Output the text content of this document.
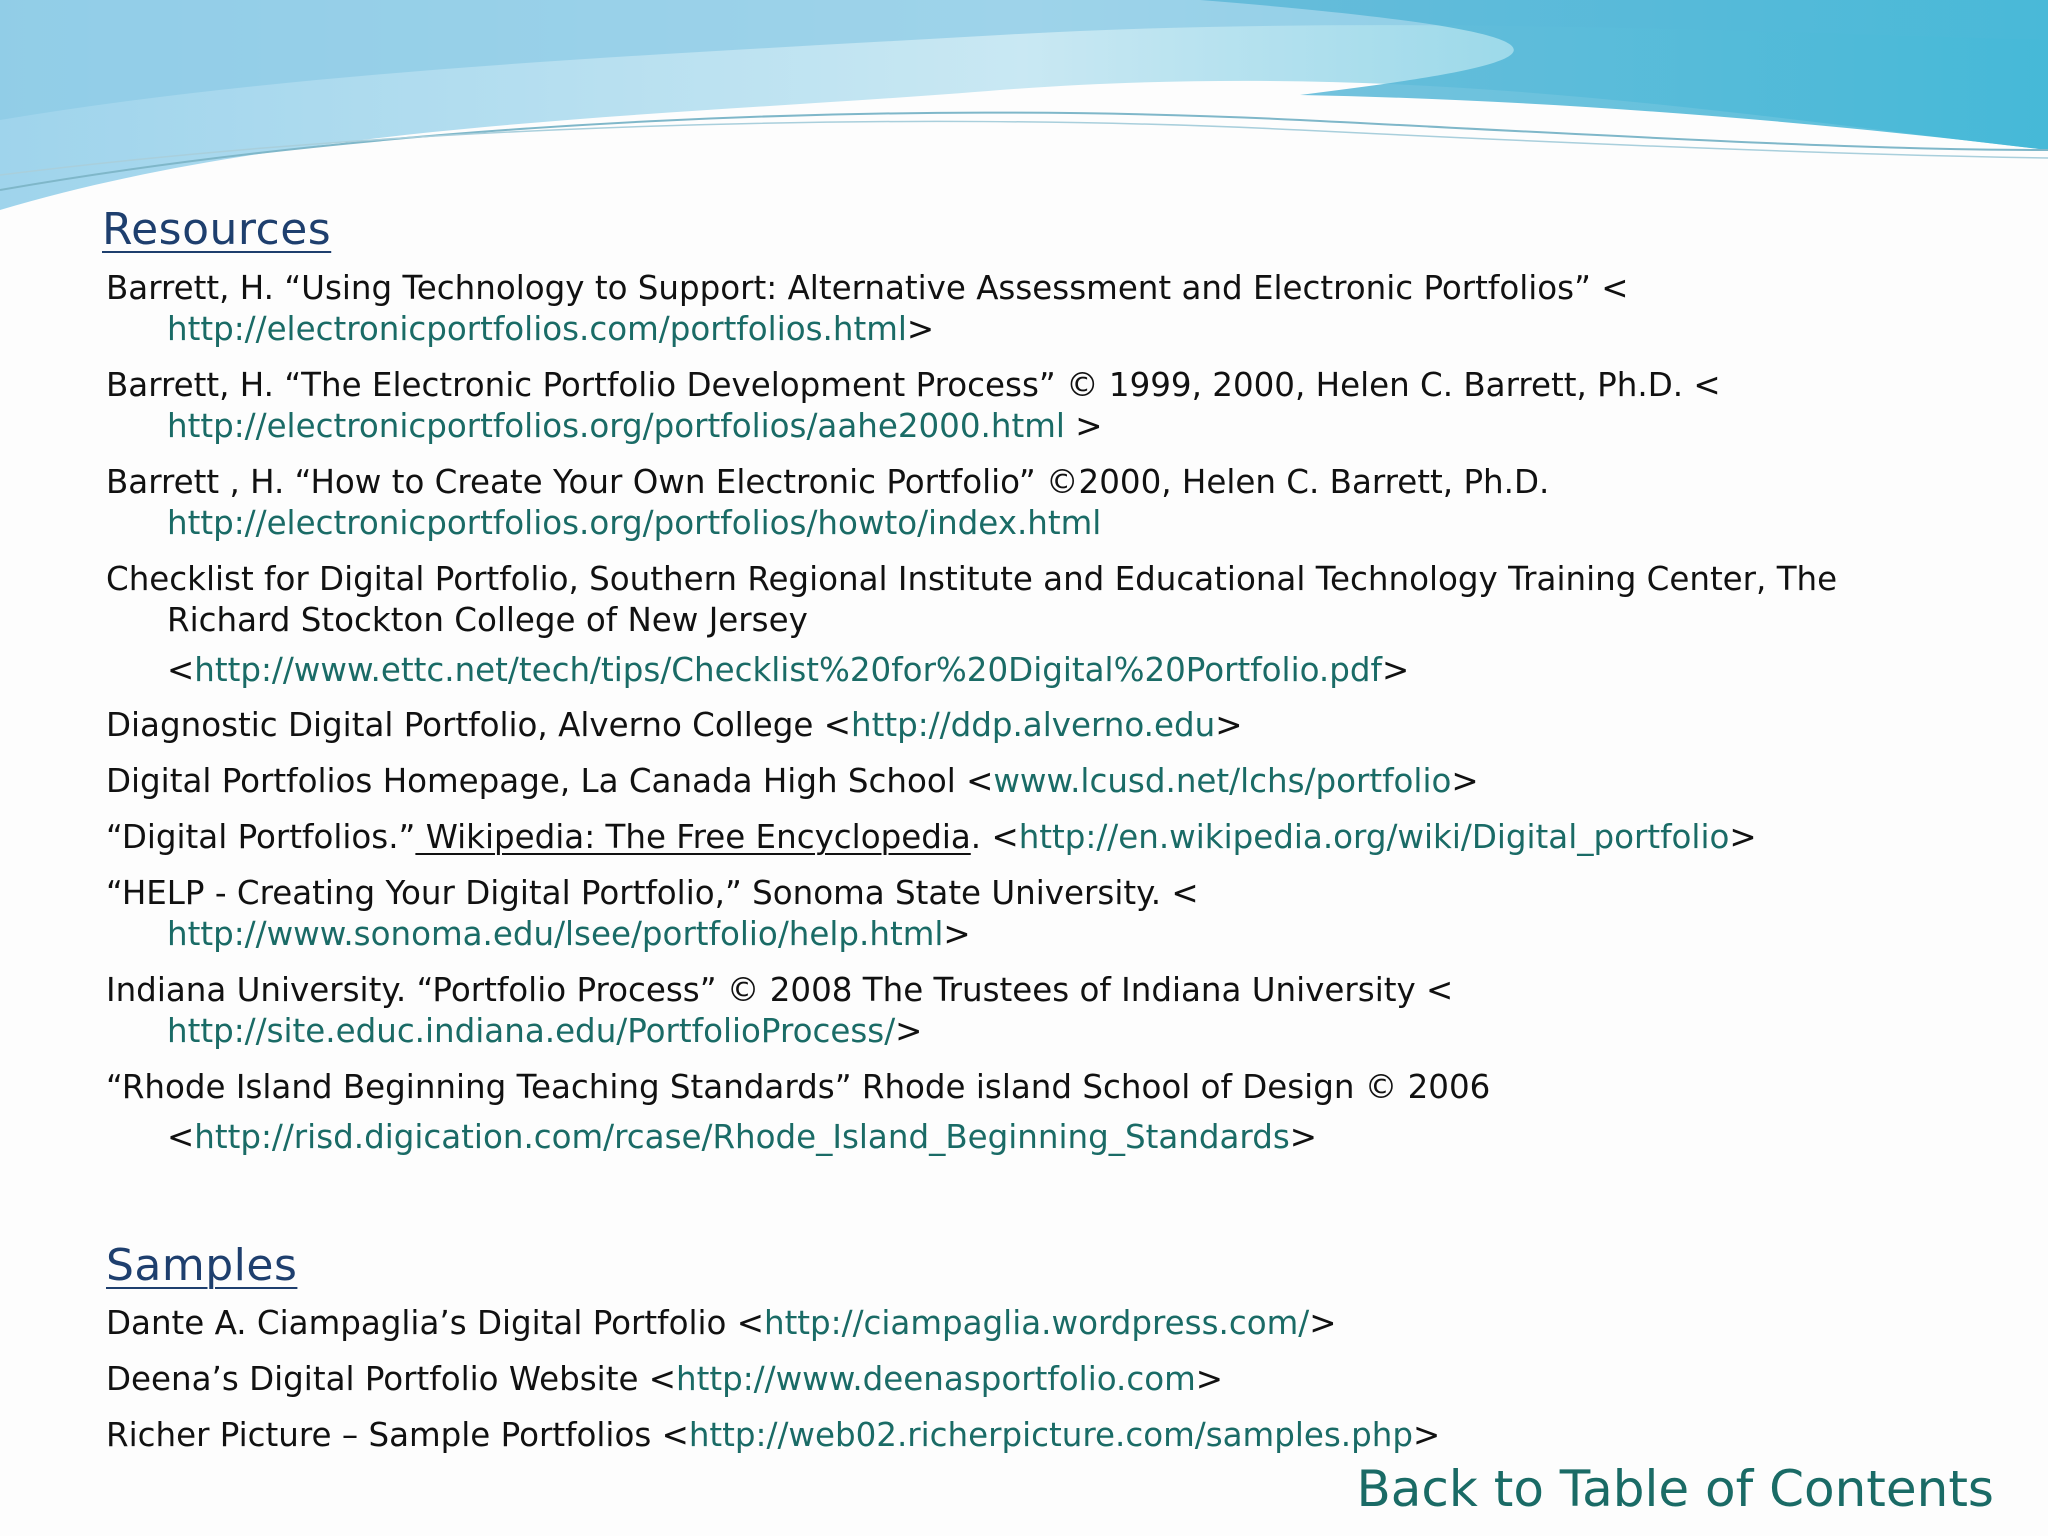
Resources
Barrett, H. “Using Technology to Support: Alternative Assessment and Electronic Portfolios” <
http://electronicportfolios.com/portfolios.html>
Barrett, H. “The Electronic Portfolio Development Process” © 1999, 2000, Helen C. Barrett, Ph.D. <
http://electronicportfolios.org/portfolios/aahe2000.html >
Barrett , H. “How to Create Your Own Electronic Portfolio” ©2000, Helen C. Barrett, Ph.D.
http://electronicportfolios.org/portfolios/howto/index.html
Checklist for Digital Portfolio, Southern Regional Institute and Educational Technology Training Center, The
Richard Stockton College of New Jersey
<http://www.ettc.net/tech/tips/Checklist%20for%20Digital%20Portfolio.pdf>
Diagnostic Digital Portfolio, Alverno College <http://ddp.alverno.edu>
Digital Portfolios Homepage, La Canada High School <www.lcusd.net/lchs/portfolio>
“Digital Portfolios.” Wikipedia: The Free Encyclopedia. <http://en.wikipedia.org/wiki/Digital_portfolio>
“HELP - Creating Your Digital Portfolio,” Sonoma State University. <
http://www.sonoma.edu/lsee/portfolio/help.html>
Indiana University. “Portfolio Process” © 2008 The Trustees of Indiana University <
http://site.educ.indiana.edu/PortfolioProcess/>
“Rhode Island Beginning Teaching Standards” Rhode island School of Design © 2006
<http://risd.digication.com/rcase/Rhode_Island_Beginning_Standards>
Samples
Dante A. Ciampaglia’s Digital Portfolio <http://ciampaglia.wordpress.com/>
Deena’s Digital Portfolio Website <http://www.deenasportfolio.com>
Richer Picture – Sample Portfolios <http://web02.richerpicture.com/samples.php>
Back to Table of Contents
